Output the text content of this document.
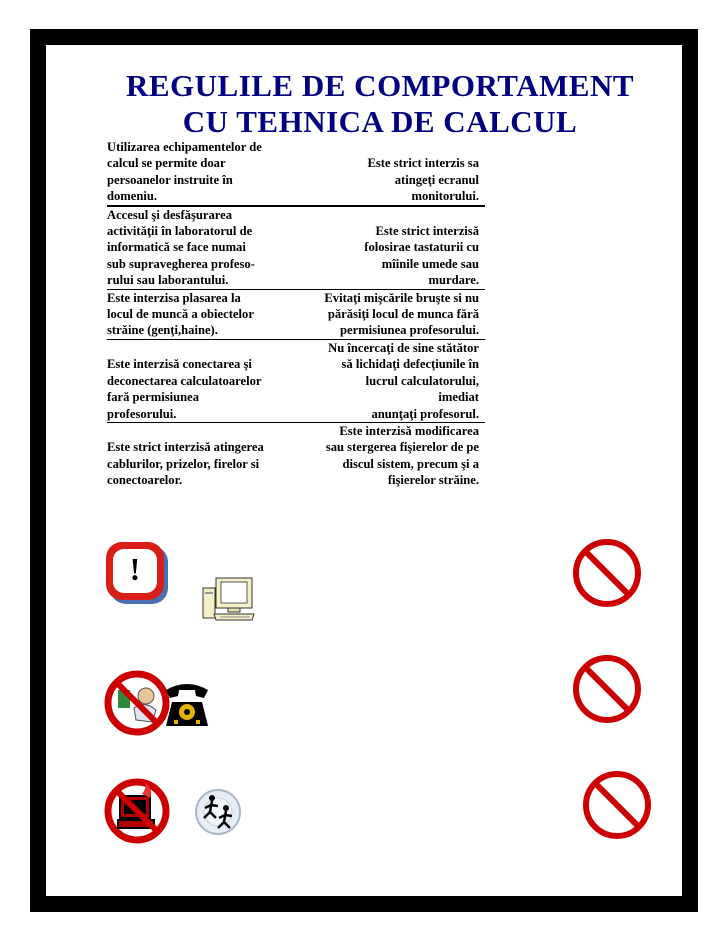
REGULILE DE COMPORTAMENT
CU TEHNICA DE CALCUL
Utilizarea echipamentelor de
calcul se permite doar
persoanelor instruite în
domeniu.
Este strict interzis sa
atingeţi ecranul
monitorului.
Accesul şi desfăşurarea
activităţii în laboratorul de
informatică se face numai
sub supravegherea profeso-
rului sau laborantului.
Este strict interzisă
folosirae tastaturii cu
mîinile umede sau
murdare.
Este interzisa plasarea la
locul de muncă a obiectelor
străine (genţi,haine).
Evitaţi mişcările bruşte si nu
părăsiţi locul de munca fără
permisiunea profesorului.
Este interzisă conectarea şi
deconectarea calculatoarelor
fară permisiunea
profesorului.
Nu încercaţi de sine stătător
să lichidaţi defecţiunile în
lucrul calculatorului,
imediat
anunţaţi profesorul.
Este strict interzisă atingerea
cablurilor, prizelor, firelor si
conectoarelor.
Este interzisă modificarea
sau stergerea fişierelor de pe
discul sistem, precum şi a
fişierelor străine.
!
